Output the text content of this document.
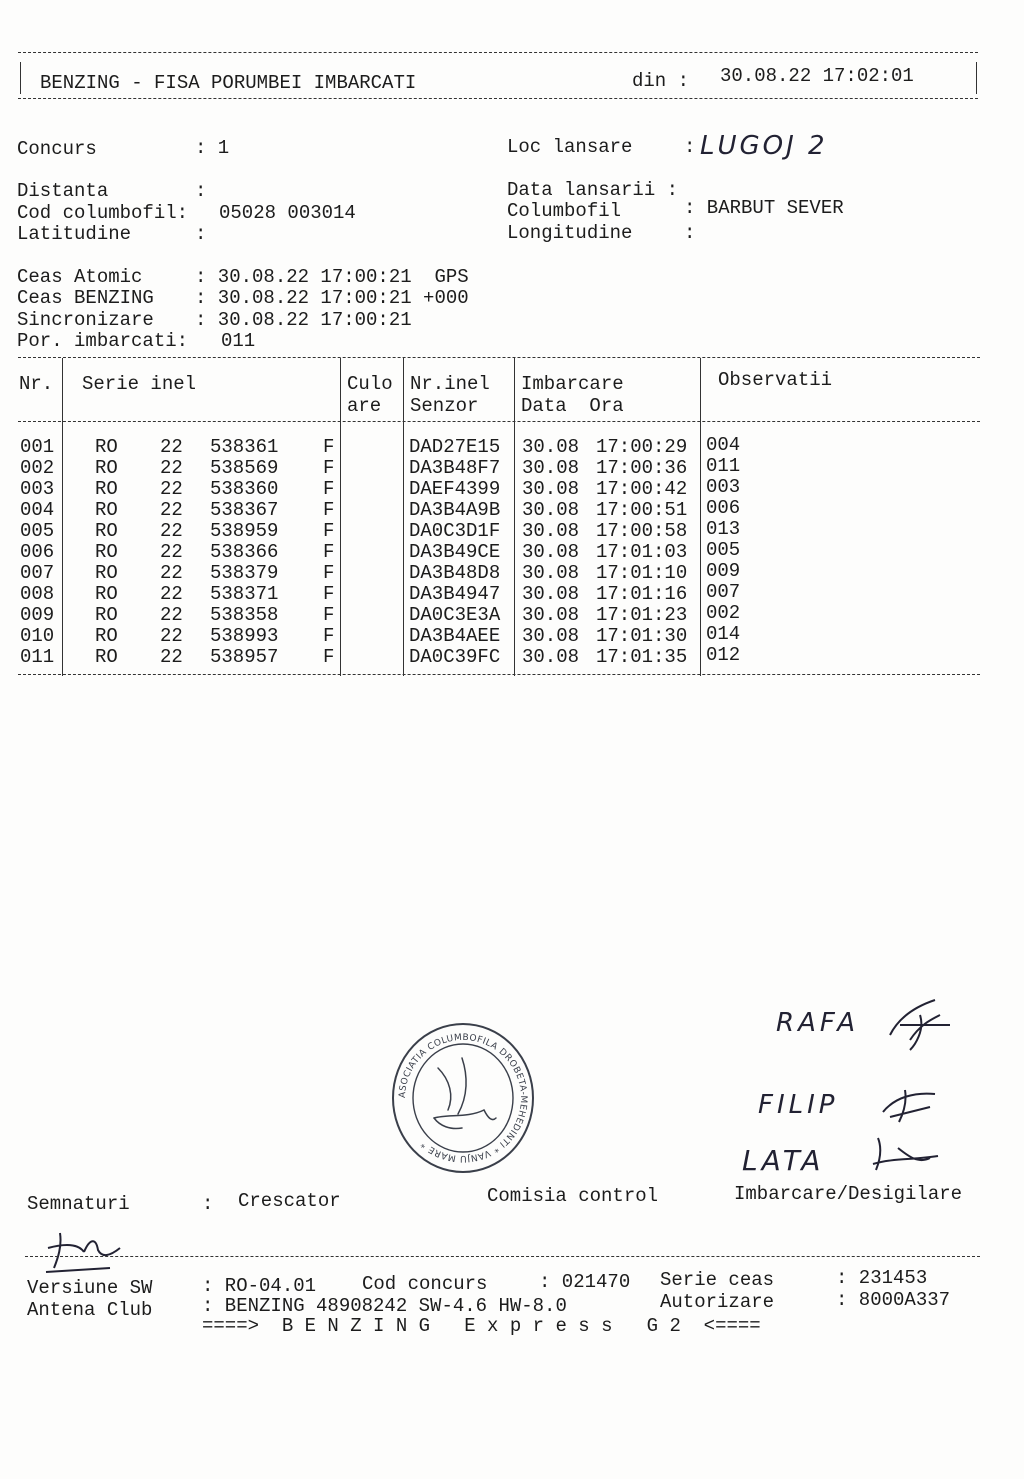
BENZING - FISA PORUMBEI IMBARCATI	din : 30.08.22 17:02:01
Concurs	: 1	Loc lansare	: LUGOJ 2
Distanta	:
Cod columbofil: 05028 003014
Latitudine	:
Data lansarii :
Columbofil	: BARBUT SEVER
Longitudine	:
Ceas Atomic	: 30.08.22 17:00:21  GPS
Ceas BENZING : 30.08.22 17:00:21 +000
Sincronizare : 30.08.22 17:00:21
Por. imbarcati: 011
Nr. Serie inel	Culo
are
Nr.inel
Senzor
Imbarcare
Data  Ora
Observatii
001 RO 22 538361 F	DAD27E15 30.08 17:00:29 004
002 RO 22 538569 F	DA3B48F7 30.08 17:00:36 011
003 RO 22 538360 F	DAEF4399 30.08 17:00:42 003
004 RO 22 538367 F	DA3B4A9B 30.08 17:00:51 006
005 RO 22 538959 F	DA0C3D1F 30.08 17:00:58 013
006 RO 22 538366 F	DA3B49CE 30.08 17:01:03 005
007 RO 22 538379 F	DA3B48D8 30.08 17:01:10 009
008 RO 22 538371 F	DA3B4947 30.08 17:01:16 007
009 RO 22 538358 F	DA0C3E3A 30.08 17:01:23 002
010 RO 22 538993 F	DA3B4AEE 30.08 17:01:30 014
011 RO 22 538957 F	DA0C39FC 30.08 17:01:35 012
ASOCIATIA COLUMBOFILA DROBETA-MEHEDINTI * VANJU MARE *
RAFA
FILIP
LATA
Semnaturi	: Crescator	Comisia control	Imbarcare/Desigilare
Versiune SW	: RO-04.01 Cod concurs	: 021470 Serie ceas	: 231453
Antena Club	: BENZING 48908242 SW-4.6 HW-8.0	Autorizare	: 8000A337
====>  B E N Z I N G   E x p r e s s   G 2  <====
